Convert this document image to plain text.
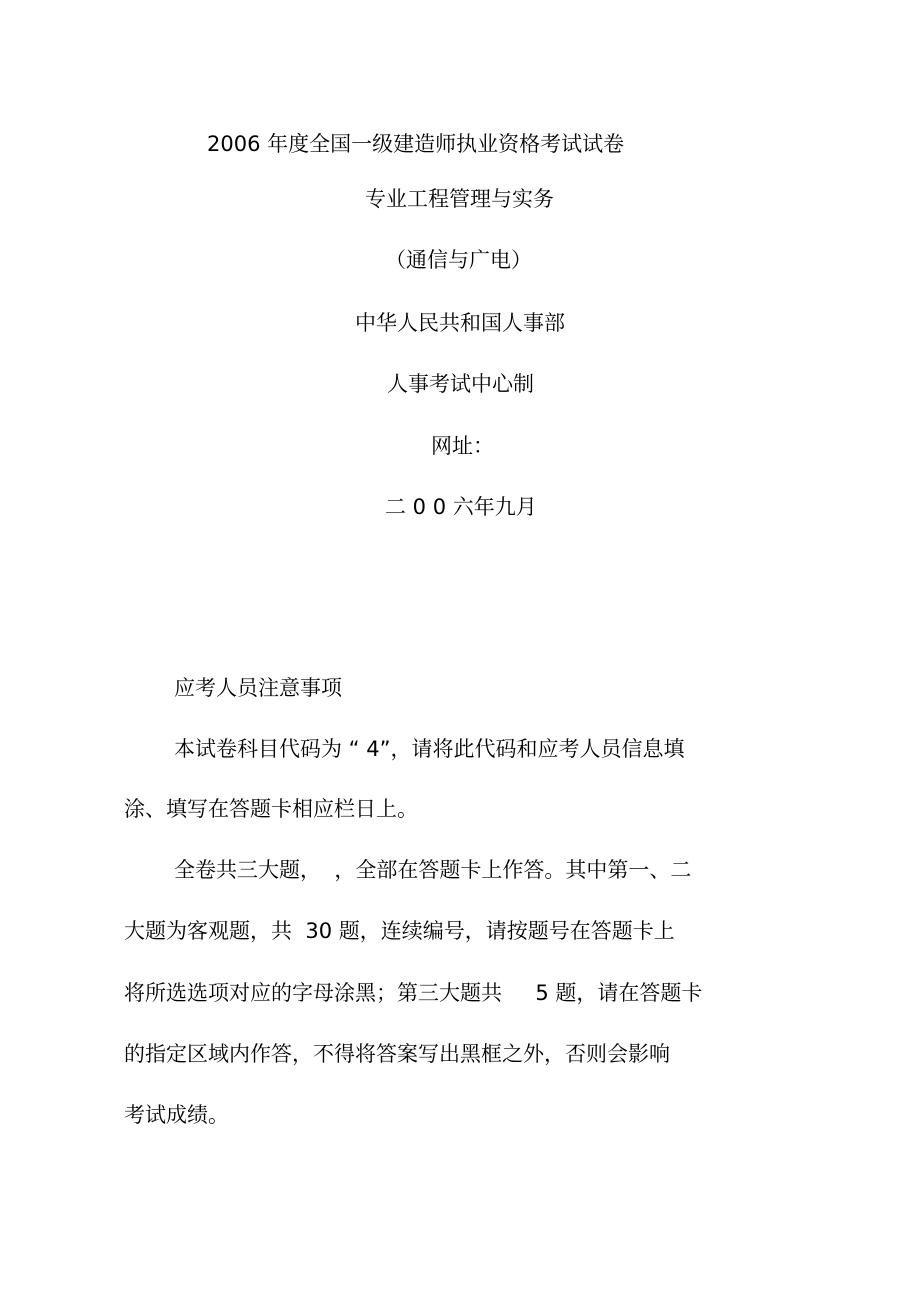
2006 年度全国一级建造师执业资格考试试卷
专业工程管理与实务
（通信与广电）
中华人民共和国人事部
人事考试中心制
网址：
二 0 0 六年九月
应考人员注意事项
本试卷科目代码为 “ 4”，请将此代码和应考人员信息填
涂、填写在答题卡相应栏日上。
全卷共三大题，  ，全部在答题卡上作答。其中第一、二
大题为客观题，共  30 题，连续编号，请按题号在答题卡上
将所选选项对应的字母涂黑；第三大题共     5 题，请在答题卡
的指定区域内作答，不得将答案写出黑框之外，否则会影响
考试成绩。
